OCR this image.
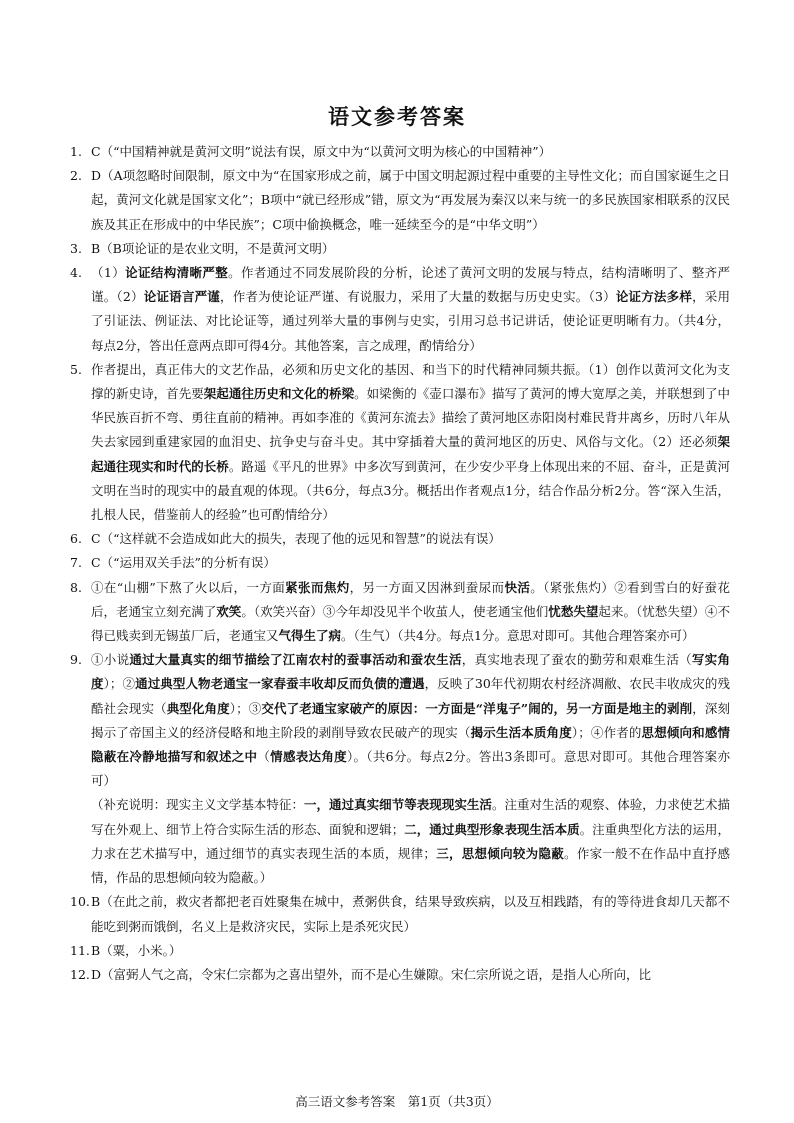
语文参考答案
1. C（“中国精神就是黄河文明”说法有误，原文中为“以黄河文明为核心的中国精神”）
2. D（A项忽略时间限制，原文中为“在国家形成之前，属于中国文明起源过程中重要的主导性文化；而自国家诞生之日起，黄河文化就是国家文化”；B项中“就已经形成”错，原文为“再发展为秦汉以来与统一的多民族国家相联系的汉民族及其正在形成中的中华民族”；C项中偷换概念，唯一延续至今的是“中华文明”）
3. B（B项论证的是农业文明，不是黄河文明）
4. （1）论证结构清晰严整。作者通过不同发展阶段的分析，论述了黄河文明的发展与特点，结构清晰明了、整齐严谨。（2）论证语言严谨，作者为使论证严谨、有说服力，采用了大量的数据与历史史实。（3）论证方法多样，采用了引证法、例证法、对比论证等，通过列举大量的事例与史实，引用习总书记讲话，使论证更明晰有力。（共4分，每点2分，答出任意两点即可得4分。其他答案，言之成理，酌情给分）
5. 作者提出，真正伟大的文艺作品，必须和历史文化的基因、和当下的时代精神同频共振。（1）创作以黄河文化为支撑的新史诗，首先要架起通往历史和文化的桥梁。如梁衡的《壶口瀑布》描写了黄河的博大宽厚之美，并联想到了中华民族百折不弯、勇往直前的精神。再如李准的《黄河东流去》描绘了黄河地区赤阳岗村难民背井离乡，历时八年从失去家园到重建家园的血泪史、抗争史与奋斗史。其中穿插着大量的黄河地区的历史、风俗与文化。（2）还必须架起通往现实和时代的长桥。路遥《平凡的世界》中多次写到黄河，在少安少平身上体现出来的不屈、奋斗，正是黄河文明在当时的现实中的最直观的体现。（共6分，每点3分。概括出作者观点1分，结合作品分析2分。答“深入生活，扎根人民，借鉴前人的经验”也可酌情给分）
6. C（“这样就不会造成如此大的损失，表现了他的远见和智慧”的说法有误）
7. C（“运用双关手法”的分析有误）
8. ①在“山棚”下熬了火以后，一方面紧张而焦灼，另一方面又因淋到蚕尿而快活。（紧张焦灼）②看到雪白的好蚕花后，老通宝立刻充满了欢笑。（欢笑兴奋）③今年却没见半个收茧人，使老通宝他们忧愁失望起来。（忧愁失望）④不得已贱卖到无锡茧厂后，老通宝又气得生了病。（生气）（共4分。每点1分。意思对即可。其他合理答案亦可）
9. ①小说通过大量真实的细节描绘了江南农村的蚕事活动和蚕农生活，真实地表现了蚕农的勤劳和艰难生活（写实角度）；②通过典型人物老通宝一家春蚕丰收却反而负债的遭遇，反映了30年代初期农村经济凋敝、农民丰收成灾的残酷社会现实（典型化角度）；③交代了老通宝家破产的原因：一方面是“洋鬼子”闹的，另一方面是地主的剥削，深刻揭示了帝国主义的经济侵略和地主阶段的剥削导致农民破产的现实（揭示生活本质角度）；④作者的思想倾向和感情隐蔽在冷静地描写和叙述之中（情感表达角度）。（共6分。每点2分。答出3条即可。意思对即可。其他合理答案亦可）
（补充说明：现实主义文学基本特征：一，通过真实细节等表现现实生活。注重对生活的观察、体验，力求使艺术描写在外观上、细节上符合实际生活的形态、面貌和逻辑；二，通过典型形象表现生活本质。注重典型化方法的运用，力求在艺术描写中，通过细节的真实表现生活的本质，规律；三，思想倾向较为隐蔽。作家一般不在作品中直抒感情，作品的思想倾向较为隐蔽。）
10. B（在此之前，救灾者都把老百姓聚集在城中，煮粥供食，结果导致疾病，以及互相践踏，有的等待进食却几天都不能吃到粥而饿倒，名义上是救济灾民，实际上是杀死灾民）
11. B（粟，小米。）
12. D（富弼人气之高，令宋仁宗都为之喜出望外，而不是心生嫌隙。宋仁宗所说之语，是指人心所向，比
高三语文参考答案　第1页（共3页）
